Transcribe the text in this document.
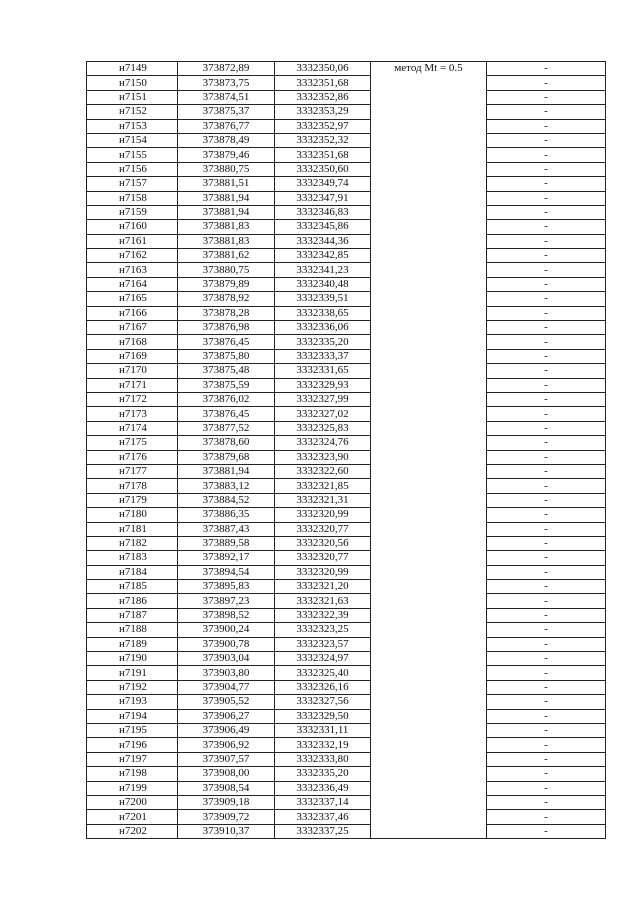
н7149	373872,89	3332350,06	метод Mt = 0.5	-
н7150	373873,75	3332351,68		-
н7151	373874,51	3332352,86		-
н7152	373875,37	3332353,29		-
н7153	373876,77	3332352,97		-
н7154	373878,49	3332352,32		-
н7155	373879,46	3332351,68		-
н7156	373880,75	3332350,60		-
н7157	373881,51	3332349,74		-
н7158	373881,94	3332347,91		-
н7159	373881,94	3332346,83		-
н7160	373881,83	3332345,86		-
н7161	373881,83	3332344,36		-
н7162	373881,62	3332342,85		-
н7163	373880,75	3332341,23		-
н7164	373879,89	3332340,48		-
н7165	373878,92	3332339,51		-
н7166	373878,28	3332338,65		-
н7167	373876,98	3332336,06		-
н7168	373876,45	3332335,20		-
н7169	373875,80	3332333,37		-
н7170	373875,48	3332331,65		-
н7171	373875,59	3332329,93		-
н7172	373876,02	3332327,99		-
н7173	373876,45	3332327,02		-
н7174	373877,52	3332325,83		-
н7175	373878,60	3332324,76		-
н7176	373879,68	3332323,90		-
н7177	373881,94	3332322,60		-
н7178	373883,12	3332321,85		-
н7179	373884,52	3332321,31		-
н7180	373886,35	3332320,99		-
н7181	373887,43	3332320,77		-
н7182	373889,58	3332320,56		-
н7183	373892,17	3332320,77		-
н7184	373894,54	3332320,99		-
н7185	373895,83	3332321,20		-
н7186	373897,23	3332321,63		-
н7187	373898,52	3332322,39		-
н7188	373900,24	3332323,25		-
н7189	373900,78	3332323,57		-
н7190	373903,04	3332324,97		-
н7191	373903,80	3332325,40		-
н7192	373904,77	3332326,16		-
н7193	373905,52	3332327,56		-
н7194	373906,27	3332329,50		-
н7195	373906,49	3332331,11		-
н7196	373906,92	3332332,19		-
н7197	373907,57	3332333,80		-
н7198	373908,00	3332335,20		-
н7199	373908,54	3332336,49		-
н7200	373909,18	3332337,14		-
н7201	373909,72	3332337,46		-
н7202	373910,37	3332337,25		-
